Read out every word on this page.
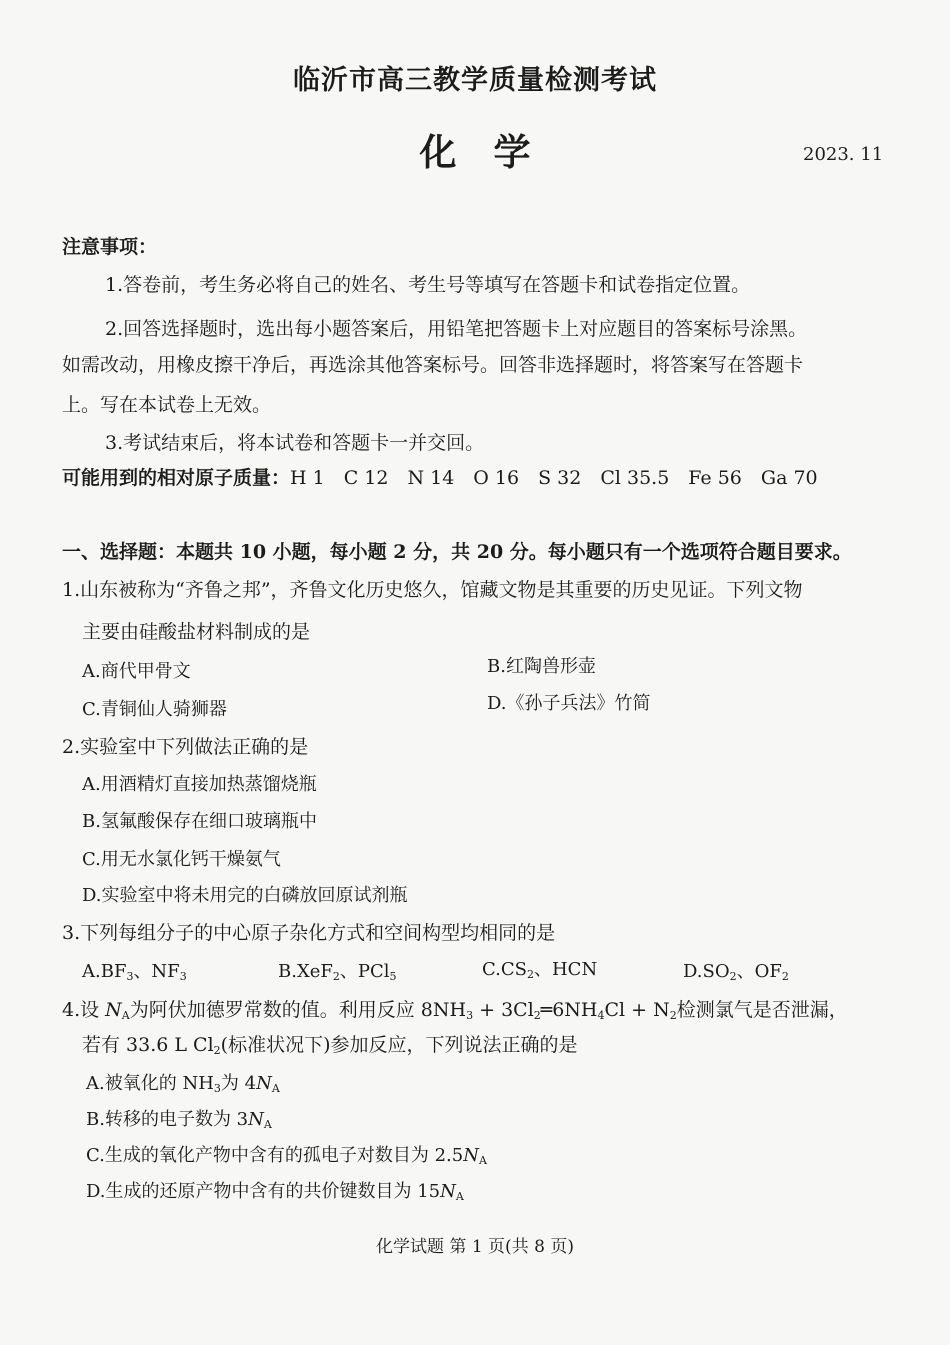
临沂市高三教学质量检测考试
化　学	2023. 11
注意事项：
1.答卷前，考生务必将自己的姓名、考生号等填写在答题卡和试卷指定位置。
2.回答选择题时，选出每小题答案后，用铅笔把答题卡上对应题目的答案标号涂黑。
如需改动，用橡皮擦干净后，再选涂其他答案标号。回答非选择题时，将答案写在答题卡
上。写在本试卷上无效。
3.考试结束后，将本试卷和答题卡一并交回。
可能用到的相对原子质量：H 1　C 12　N 14　O 16　S 32　Cl 35.5　Fe 56　Ga 70
一、选择题：本题共 10 小题，每小题 2 分，共 20 分。每小题只有一个选项符合题目要求。
1.山东被称为“齐鲁之邦”，齐鲁文化历史悠久，馆藏文物是其重要的历史见证。下列文物
主要由硅酸盐材料制成的是
A.商代甲骨文	B.红陶兽形壶
C.青铜仙人骑狮器	D.《孙子兵法》竹简
2.实验室中下列做法正确的是
A.用酒精灯直接加热蒸馏烧瓶
B.氢氟酸保存在细口玻璃瓶中
C.用无水氯化钙干燥氨气
D.实验室中将未用完的白磷放回原试剂瓶
3.下列每组分子的中心原子杂化方式和空间构型均相同的是
$A.BF_3$、$NF_3$	B.XeF$_2$、PCl$_5$	$C.CS_2$、HCN	$D.SO_2$、$OF_2$
4.设 $N_A$为阿伏加德罗常数的值。利用反应 $8NH_3$ + $3Cl_2═6NH_4Cl + N_2$检测氯气是否泄漏，
若有 33.6 L $Cl_2$(标准状况下)参加反应，下列说法正确的是
A.被氧化的 $NH_3$为 $4N_A$
B.转移的电子数为 $3N_A$
C.生成的氧化产物中含有的孤电子对数目为 $2.5N_A$
D.生成的还原产物中含有的共价键数目为 $15N_A$
化学试题 第 1 页(共 8 页)
